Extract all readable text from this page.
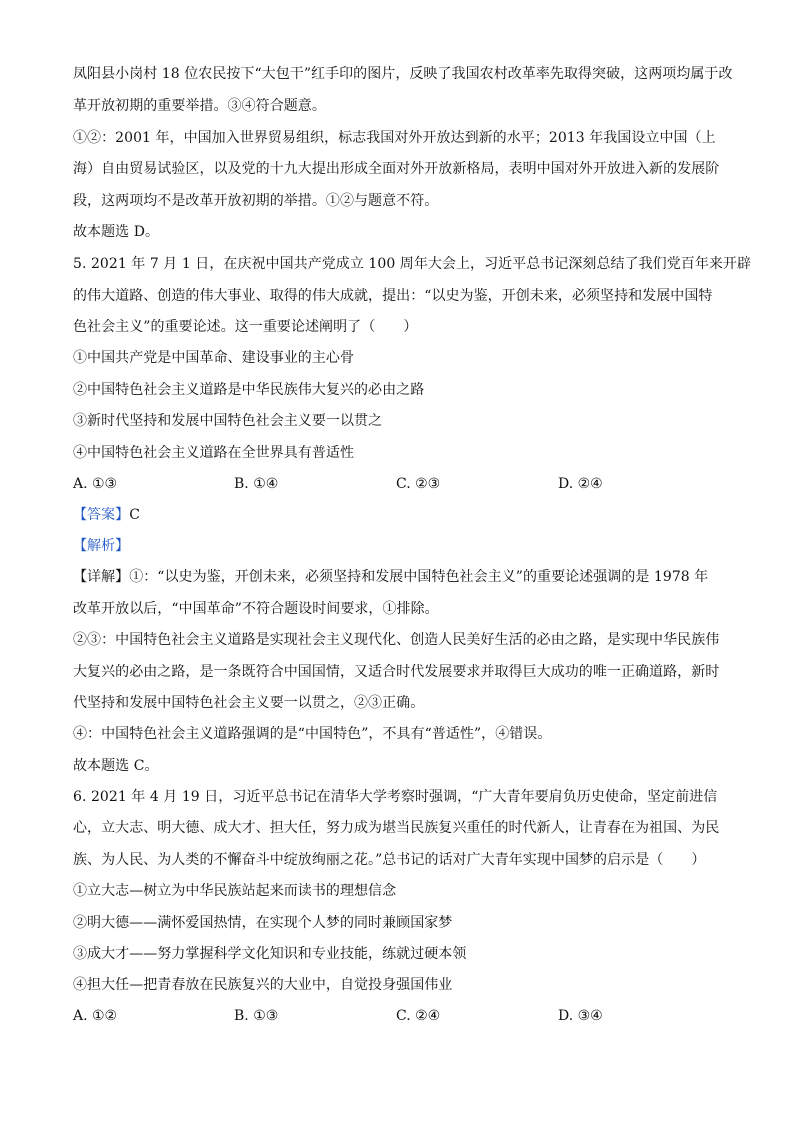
凤阳县小岗村 18 位农民按下“大包干”红手印的图片，反映了我国农村改革率先取得突破，这两项均属于改
革开放初期的重要举措。③④符合题意。
①②：2001 年，中国加入世界贸易组织，标志我国对外开放达到新的水平；2013 年我国设立中国（上
海）自由贸易试验区，以及党的十九大提出形成全面对外开放新格局，表明中国对外开放进入新的发展阶
段，这两项均不是改革开放初期的举措。①②与题意不符。
故本题选 D。
5. 2021 年 7 月 1 日，在庆祝中国共产党成立 100 周年大会上，习近平总书记深刻总结了我们党百年来开辟
的伟大道路、创造的伟大事业、取得的伟大成就，提出：“以史为鉴，开创未来，必须坚持和发展中国特
色社会主义”的重要论述。这一重要论述阐明了（　　）
①中国共产党是中国革命、建设事业的主心骨
②中国特色社会主义道路是中华民族伟大复兴的必由之路
③新时代坚持和发展中国特色社会主义要一以贯之
④中国特色社会主义道路在全世界具有普适性
A. ①③	B. ①④	C. ②③	D. ②④
【答案】C
【解析】
【详解】①：“以史为鉴，开创未来，必须坚持和发展中国特色社会主义”的重要论述强调的是 1978 年
改革开放以后，“中国革命”不符合题设时间要求，①排除。
②③：中国特色社会主义道路是实现社会主义现代化、创造人民美好生活的必由之路，是实现中华民族伟
大复兴的必由之路，是一条既符合中国国情，又适合时代发展要求并取得巨大成功的唯一正确道路，新时
代坚持和发展中国特色社会主义要一以贯之，②③正确。
④：中国特色社会主义道路强调的是“中国特色”，不具有“普适性”，④错误。
故本题选 C。
6. 2021 年 4 月 19 日，习近平总书记在清华大学考察时强调，“广大青年要肩负历史使命，坚定前进信
心，立大志、明大德、成大才、担大任，努力成为堪当民族复兴重任的时代新人，让青春在为祖国、为民
族、为人民、为人类的不懈奋斗中绽放绚丽之花。”总书记的话对广大青年实现中国梦的启示是（　　）
①立大志—树立为中华民族站起来而读书的理想信念
②明大德——满怀爱国热情，在实现个人梦的同时兼顾国家梦
③成大才——努力掌握科学文化知识和专业技能，练就过硬本领
④担大任—把青春放在民族复兴的大业中，自觉投身强国伟业
A. ①②	B. ①③	C. ②④	D. ③④
